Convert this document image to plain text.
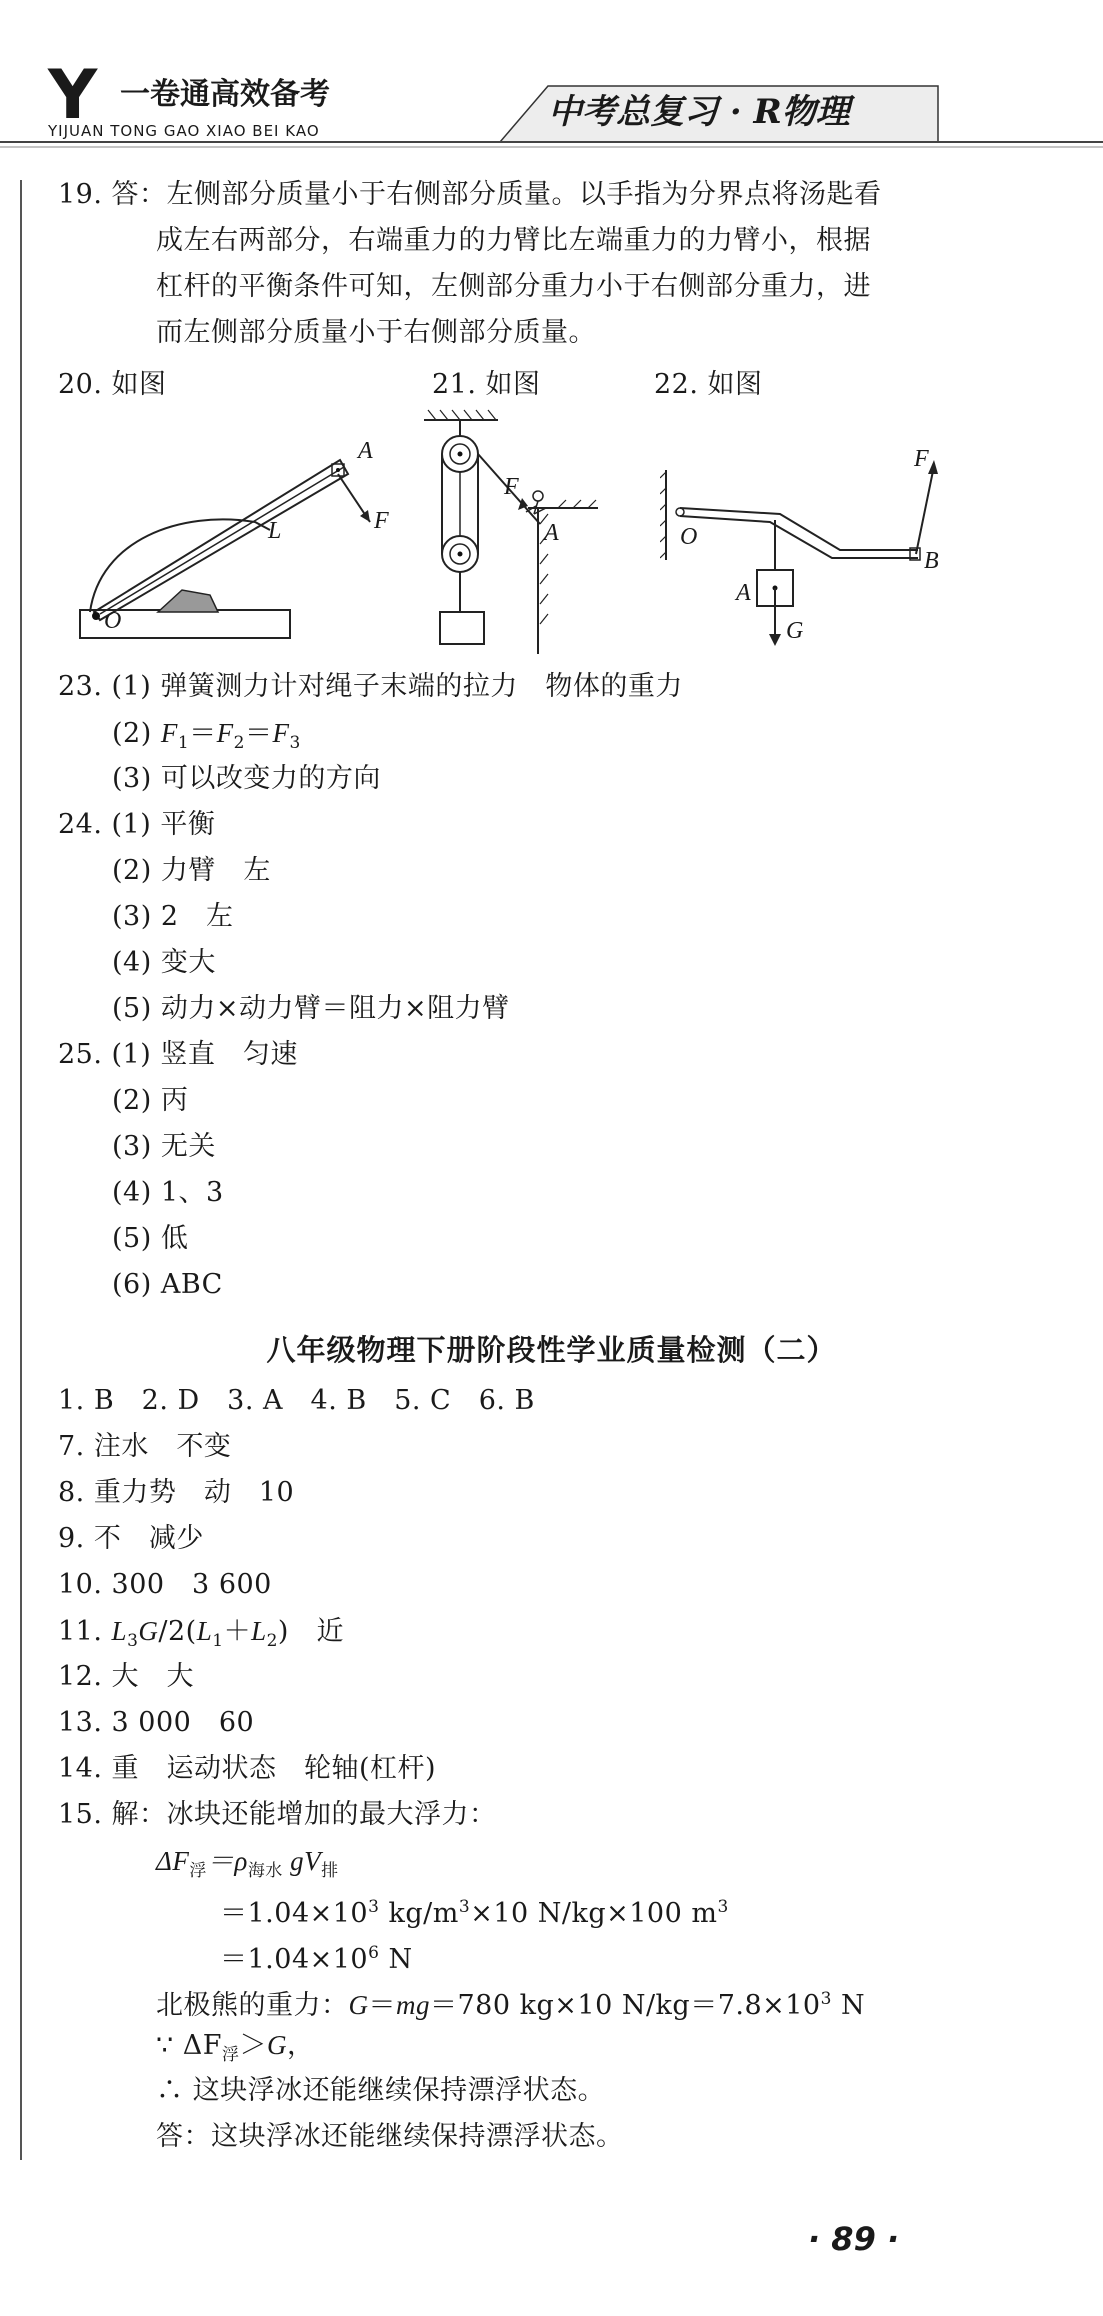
Y 一卷通高效备考
YIJUAN TONG GAO XIAO BEI KAO	中考总复习 · R物理
19. 答：左侧部分质量小于右侧部分质量。以手指为分界点将汤匙看
成左右两部分，右端重力的力臂比左端重力的力臂小，根据
杠杆的平衡条件可知，左侧部分重力小于右侧部分重力，进
而左侧部分质量小于右侧部分质量。
20. 如图	21. 如图	22. 如图
A
F
L
O
F
A
F
O
A
B
G
23. (1) 弹簧测力计对绳子末端的拉力　物体的重力
(2) $F_1=F_2=F_3$
(3) 可以改变力的方向
24. (1) 平衡
(2) 力臂　左
(3) 2　左
(4) 变大
(5) 动力×动力臂＝阻力×阻力臂
25. (1) 竖直　匀速
(2) 丙
(3) 无关
(4) 1、3
(5) 低
(6) ABC
八年级物理下册阶段性学业质量检测（二）
1. B　2. D　3. A　4. B　5. C　6. B
7. 注水　不变
8. 重力势　动　10
9. 不　减少
10. 300　3 600
11. $L_3G/2(L_1+L_2)$　近
12. 大　大
13. 3 000　60
14. 重　运动状态　轮轴(杠杆)
15. 解：冰块还能增加的最大浮力：
$\Delta F_浮=\rho_{海水}$ $gV_排$
$=1.04\times 10^3$ $kg/m^3\times 10$ N/kg×100 $m^3$
$=1.04\times 10^6$ N
北极熊的重力：G＝mg＝780 kg×10 $N/kg=7.8\times 10^3$ N
∵ $\Delta F_浮>G$，
∴ 这块浮冰还能继续保持漂浮状态。
答：这块浮冰还能继续保持漂浮状态。
· 89 ·
